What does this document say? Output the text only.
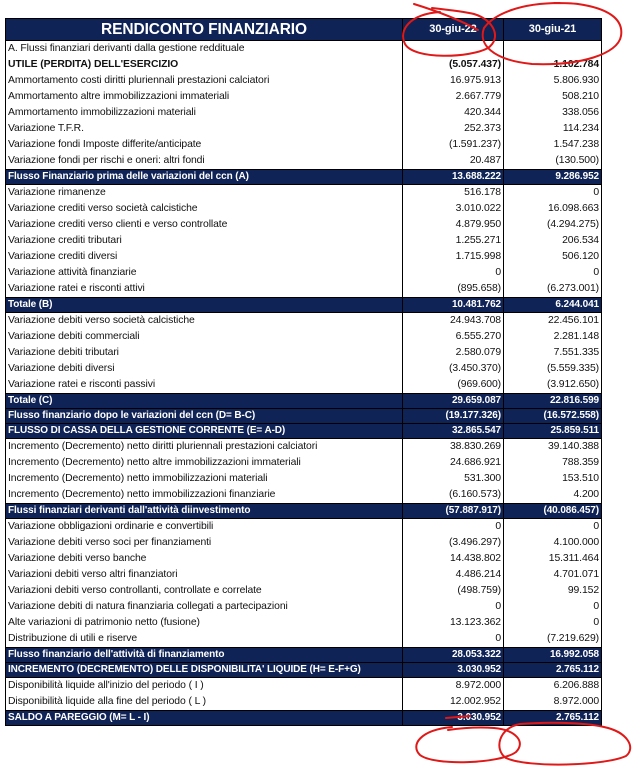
RENDICONTO FINANZIARIO	30-giu-22	30-giu-21
A. Flussi finanziari derivanti dalla gestione reddituale		
UTILE (PERDITA) DELL'ESERCIZIO	(5.057.437)	1.102.784
Ammortamento costi diritti pluriennali prestazioni calciatori	16.975.913	5.806.930
Ammortamento altre immobilizzazioni immateriali	2.667.779	508.210
Ammortamento immobilizzazioni materiali	420.344	338.056
Variazione T.F.R.	252.373	114.234
Variazione fondi Imposte differite/anticipate	(1.591.237)	1.547.238
Variazione fondi per rischi e oneri: altri fondi	20.487	(130.500)
Flusso Finanziario prima delle variazioni del ccn (A)	13.688.222	9.286.952
Variazione rimanenze	516.178	0
Variazione crediti verso società calcistiche	3.010.022	16.098.663
Variazione crediti verso clienti e verso controllate	4.879.950	(4.294.275)
Variazione crediti tributari	1.255.271	206.534
Variazione crediti diversi	1.715.998	506.120
Variazione attività finanziarie	0	0
Variazione ratei e risconti attivi	(895.658)	(6.273.001)
Totale (B)	10.481.762	6.244.041
Variazione debiti verso società calcistiche	24.943.708	22.456.101
Variazione debiti commerciali	6.555.270	2.281.148
Variazione debiti tributari	2.580.079	7.551.335
Variazione debiti diversi	(3.450.370)	(5.559.335)
Variazione ratei e risconti passivi	(969.600)	(3.912.650)
Totale (C)	29.659.087	22.816.599
Flusso finanziario dopo le variazioni del ccn (D= B-C)	(19.177.326)	(16.572.558)
FLUSSO DI CASSA DELLA GESTIONE CORRENTE (E= A-D)	32.865.547	25.859.511
Incremento (Decremento) netto diritti pluriennali prestazioni calciatori	38.830.269	39.140.388
Incremento (Decremento) netto altre immobilizzazioni immateriali	24.686.921	788.359
Incremento (Decremento) netto immobilizzazioni materiali	531.300	153.510
Incremento (Decremento) netto immobilizzazioni finanziarie	(6.160.573)	4.200
Flussi finanziari derivanti dall'attività diinvestimento	(57.887.917)	(40.086.457)
Variazione obbligazioni ordinarie e convertibili	0	0
Variazione debiti verso soci per finanziamenti	(3.496.297)	4.100.000
Variazione debiti verso banche	14.438.802	15.311.464
Variazioni debiti verso altri finanziatori	4.486.214	4.701.071
Variazioni debiti verso controllanti, controllate e correlate	(498.759)	99.152
Variazione debiti di natura finanziaria collegati a partecipazioni	0	0
Alte variazioni di patrimonio netto (fusione)	13.123.362	0
Distribuzione di utili e riserve	0	(7.219.629)
Flusso finanziario dell'attività di finanziamento	28.053.322	16.992.058
INCREMENTO (DECREMENTO) DELLE DISPONIBILITA' LIQUIDE (H= E-F+G)	3.030.952	2.765.112
Disponibilità liquide all'inizio del periodo ( I )	8.972.000	6.206.888
Disponibilità liquide alla fine del periodo ( L )	12.002.952	8.972.000
SALDO A PAREGGIO (M= L - I)	3.030.952	2.765.112
